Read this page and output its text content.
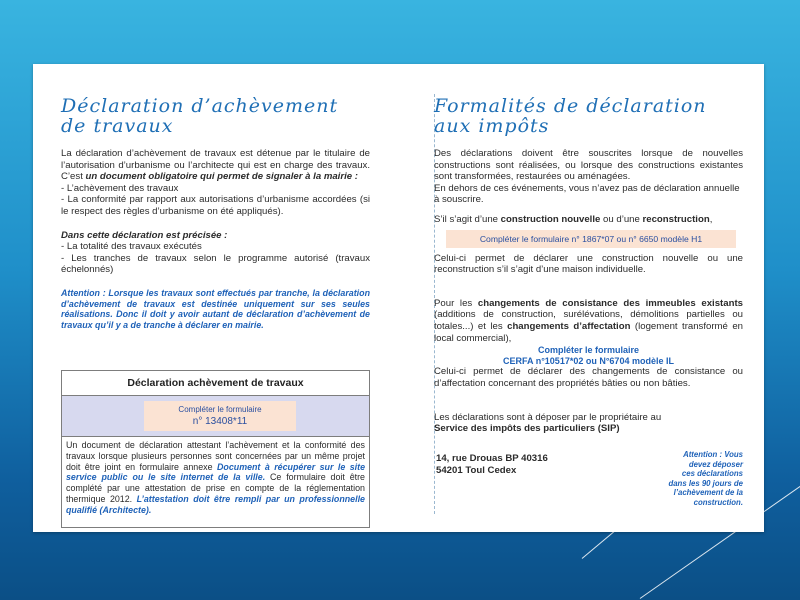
Déclaration d’achèvement
de travaux

La déclaration d’achèvement de travaux est détenue par le titulaire de l’autorisation d’urbanisme ou l’architecte qui est en charge des travaux. C’est un document obligatoire qui permet de signaler à la mairie :

- L’achèvement des travaux

- La conformité par rapport aux autorisations d’urbanisme accordées (si le respect des règles d’urbanisme on été appliqués).

Dans cette déclaration est précisée :

- La totalité des travaux exécutés

- Les tranches de travaux selon le programme autorisé (travaux échelonnés)

Attention : Lorsque les travaux sont effectués par tranche, la déclaration d’achèvement de travaux est destinée uniquement sur ses seules réalisations. Donc il doit y avoir autant de déclaration d’achèvement de travaux qu’il y a de tranche à déclarer en mairie.

Déclaration achèvement de travaux
Compléter le formulaire
n° 13408*11

Un document de déclaration attestant l’achèvement et la conformité des travaux lorsque plusieurs personnes sont concernées par un même projet doit être joint en formulaire annexe Document à récupérer sur le site service public ou le site internet de la ville. Ce formulaire doit être complété par une attestation de prise en compte de la réglementation thermique 2012. L’attestation doit être rempli par un professionnelle qualifié (Architecte).

Formalités de déclaration
aux impôts

Des déclarations doivent être souscrites lorsque de nouvelles constructions sont réalisées, ou lorsque des constructions existantes sont transformées, restaurées ou aménagées.

En dehors de ces événements, vous n’avez pas de déclaration annuelle à souscrire.

S’il s’agit d’une construction nouvelle ou d’une reconstruction,

Compléter le formulaire n° 1867*07 ou n° 6650 modèle H1

Celui-ci permet de déclarer une construction nouvelle ou une reconstruction s’il s’agit d’une maison individuelle.

Pour les changements de consistance des immeubles existants (additions de construction, surélévations, démolitions partielles ou totales...) et les changements d’affectation (logement transformé en local commercial),

Compléter le formulaire
CERFA n°10517*02 ou N°6704 modèle IL

Celui-ci permet de déclarer des changements de consistance ou d’affectation concernant des propriétés bâties ou non bâties.

Les déclarations sont à déposer par le propriétaire au

Service des impôts des particuliers (SIP)

14, rue Drouas BP 40316

54201 Toul Cedex

Attention : Vous
devez déposer
ces déclarations
dans les 90 jours de
l’achèvement de la
construction.
